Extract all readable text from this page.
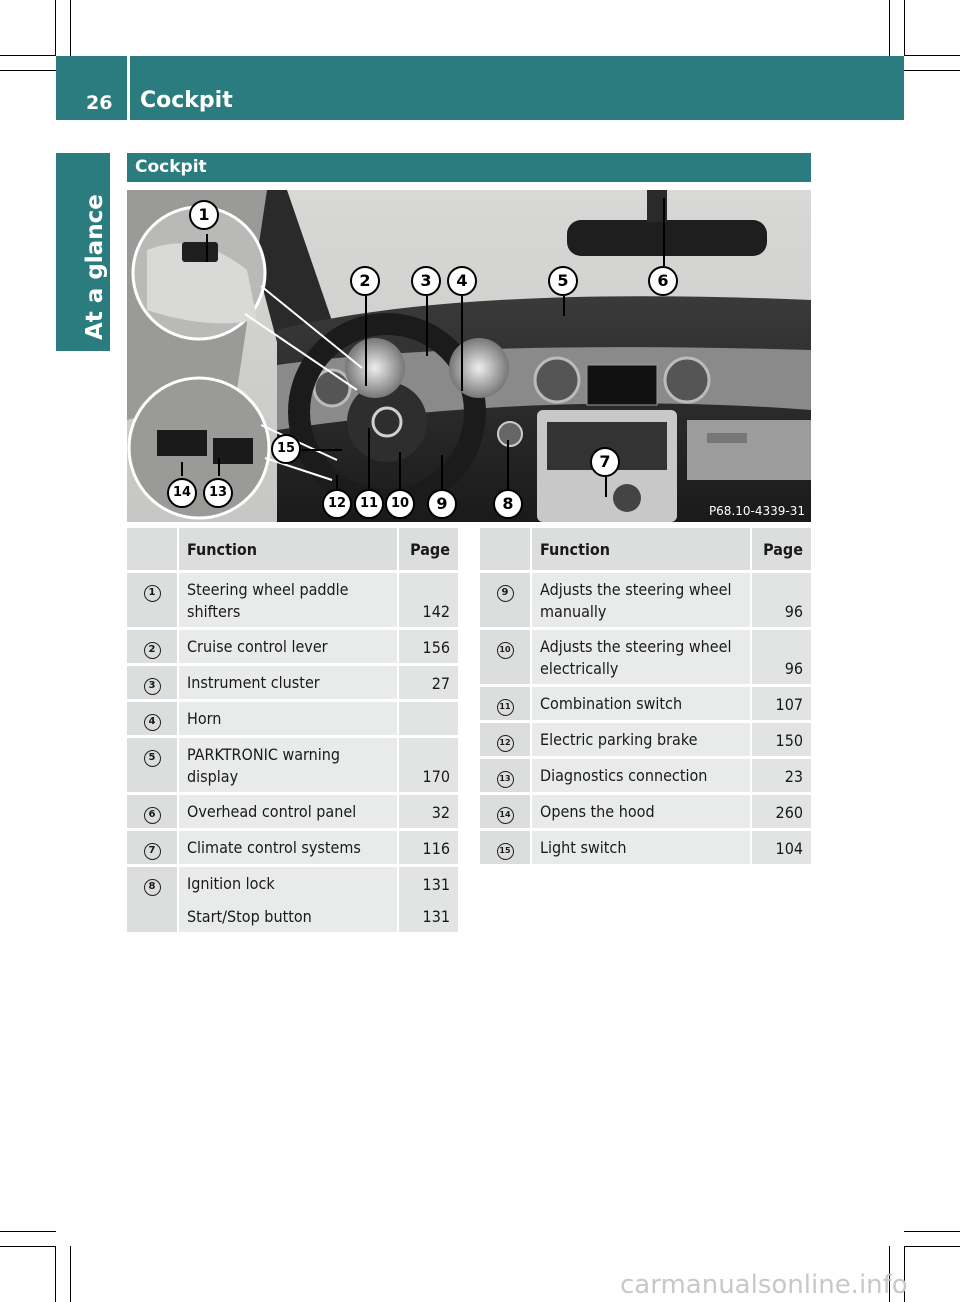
26 Cockpit
At a glance
Cockpit
1
2	3	4	5	6
7
8
9
10
11
12
13
14
15
P68.10-4339-31
	Function	Page
1	Steering wheel paddle shifters	142
2	Cruise control lever	156
3	Instrument cluster	27
4	Horn	
5	PARKTRONIC warning display	170
6	Overhead control panel	32
7	Climate control systems	116
8	Ignition lock	131
	Start/Stop button	131
	Function	Page
9	Adjusts the steering wheel manually	96
10	Adjusts the steering wheel electrically	96
11	Combination switch	107
12	Electric parking brake	150
13	Diagnostics connection	23
14	Opens the hood	260
15	Light switch	104
carmanualsonline.info
